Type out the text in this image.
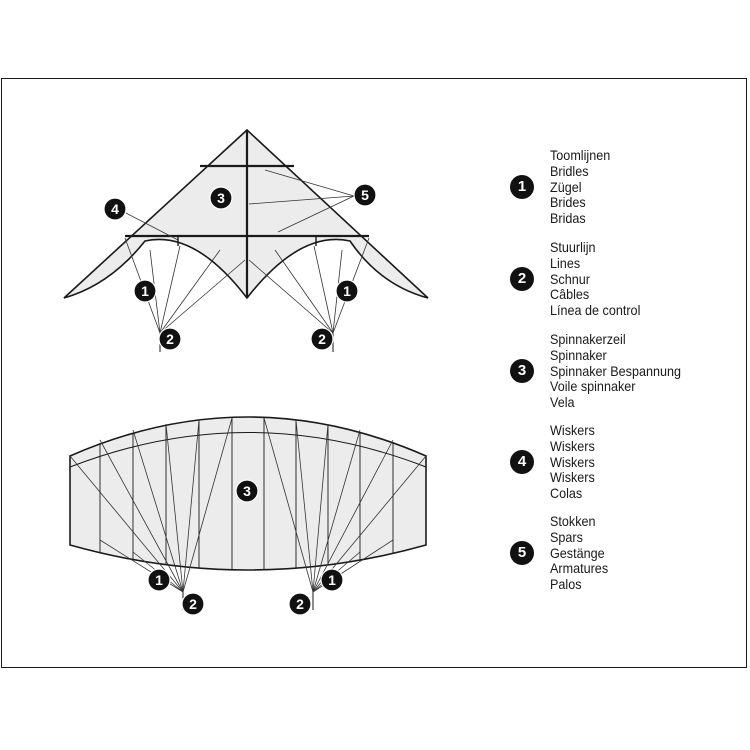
4
3	5
1	1
2	2
3
1	1
2	2
1
Toomlijnen
Bridles
Zügel
Brides
Bridas
2
Stuurlijn
Lines
Schnur
Câbles
Línea de control
3
Spinnakerzeil
Spinnaker
Spinnaker Bespannung
Voile spinnaker
Vela
4
Wiskers
Wiskers
Wiskers
Wiskers
Colas
5
Stokken
Spars
Gestänge
Armatures
Palos
